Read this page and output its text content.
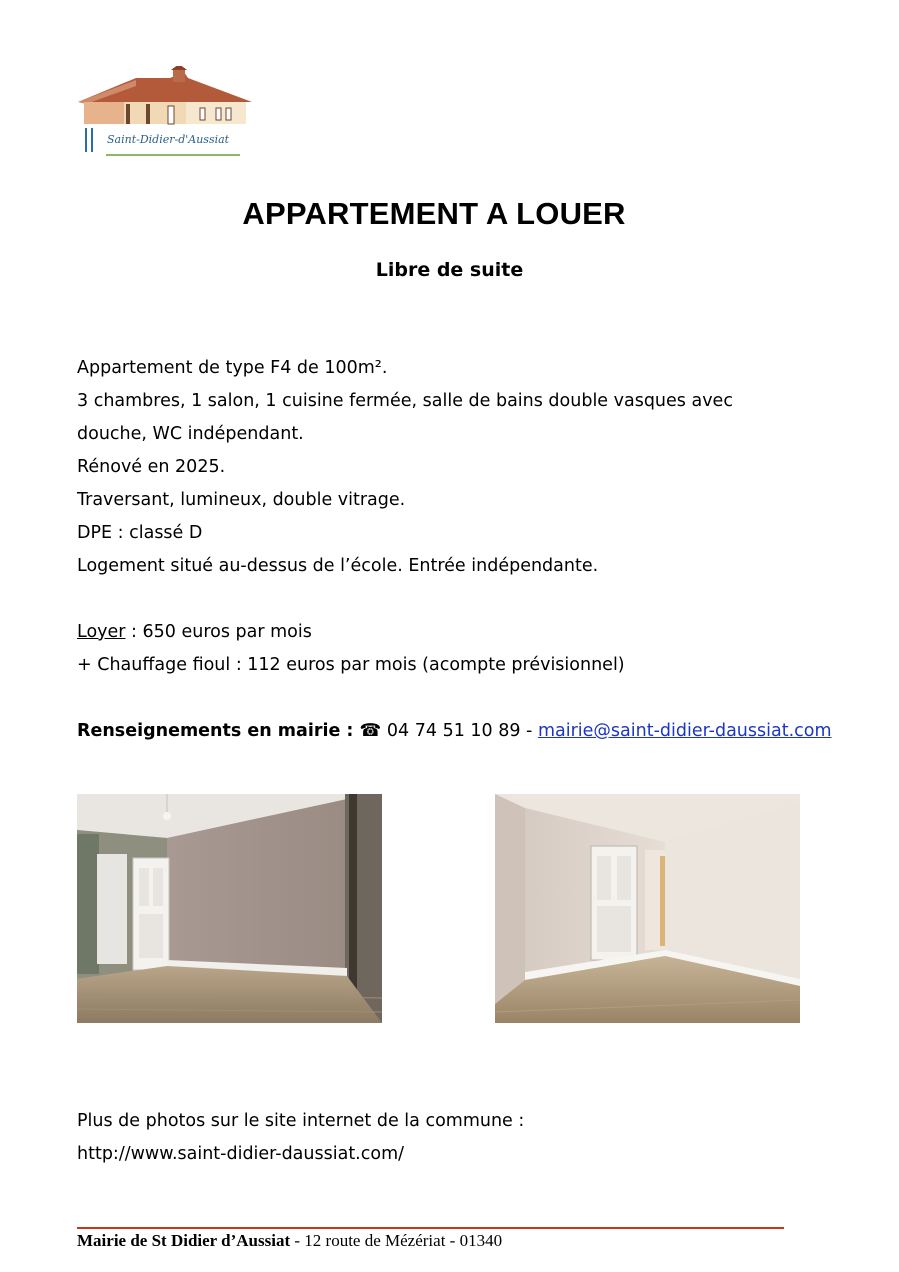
Saint-Didier-d'Aussiat
APPARTEMENT A LOUER
Libre de suite
Appartement de type F4 de 100m².
3 chambres, 1 salon, 1 cuisine fermée, salle de bains double vasques avec
douche, WC indépendant.
Rénové en 2025.
Traversant, lumineux, double vitrage.
DPE : classé D
Logement situé au-dessus de l’école. Entrée indépendante.
Loyer : 650 euros par mois
+ Chauffage fioul : 112 euros par mois (acompte prévisionnel)
Renseignements en mairie : ☎ 04 74 51 10 89 - mairie@saint-didier-daussiat.com
Plus de photos sur le site internet de la commune :
http://www.saint-didier-daussiat.com/
Mairie de St Didier d’Aussiat - 12 route de Mézériat - 01340
